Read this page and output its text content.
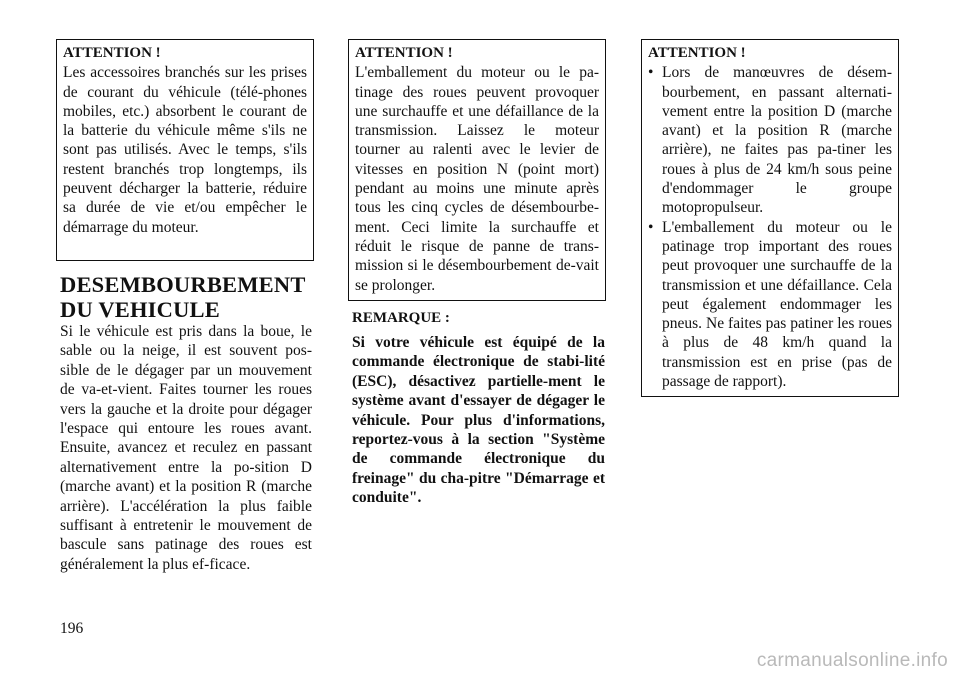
ATTENTION !

Les accessoires branchés sur les prises de courant du véhicule (télé-phones mobiles, etc.) absorbent le courant de la batterie du véhicule même s'ils ne sont pas utilisés. Avec le temps, s'ils restent branchés trop longtemps, ils peuvent décharger la batterie, réduire sa durée de vie et/ou empêcher le démarrage du moteur.

DESEMBOURBEMENT
DU VEHICULE

Si le véhicule est pris dans la boue, le sable ou la neige, il est souvent pos-sible de le dégager par un mouvement de va-et-vient. Faites tourner les roues vers la gauche et la droite pour dégager l'espace qui entoure les roues avant. Ensuite, avancez et reculez en passant alternativement entre la po-sition D (marche avant) et la position R (marche arrière). L'accélération la plus faible suffisant à entretenir le mouvement de bascule sans patinage des roues est généralement la plus ef-ficace.

ATTENTION !

L'emballement du moteur ou le pa-tinage des roues peuvent provoquer une surchauffe et une défaillance de la transmission. Laissez le moteur tourner au ralenti avec le levier de vitesses en position N (point mort) pendant au moins une minute après tous les cinq cycles de désembourbe-ment. Ceci limite la surchauffe et réduit le risque de panne de trans-mission si le désembourbement de-vait se prolonger.

REMARQUE :

Si votre véhicule est équipé de la commande électronique de stabi-lité (ESC), désactivez partielle-ment le système avant d'essayer de dégager le véhicule. Pour plus d'informations, reportez-vous à la section "Système de commande électronique du freinage" du cha-pitre "Démarrage et conduite".

ATTENTION !
• Lors de manœuvres de désem-bourbement, en passant alternati-vement entre la position D (marche avant) et la position R (marche arrière), ne faites pas pa-tiner les roues à plus de 24 km/h sous peine d'endommager le groupe motopropulseur.
• L'emballement du moteur ou le patinage trop important des roues peut provoquer une surchauffe de la transmission et une défaillance. Cela peut également endommager les pneus. Ne faites pas patiner les roues à plus de 48 km/h quand la transmission est en prise (pas de passage de rapport).

196

carmanualsonline.info
